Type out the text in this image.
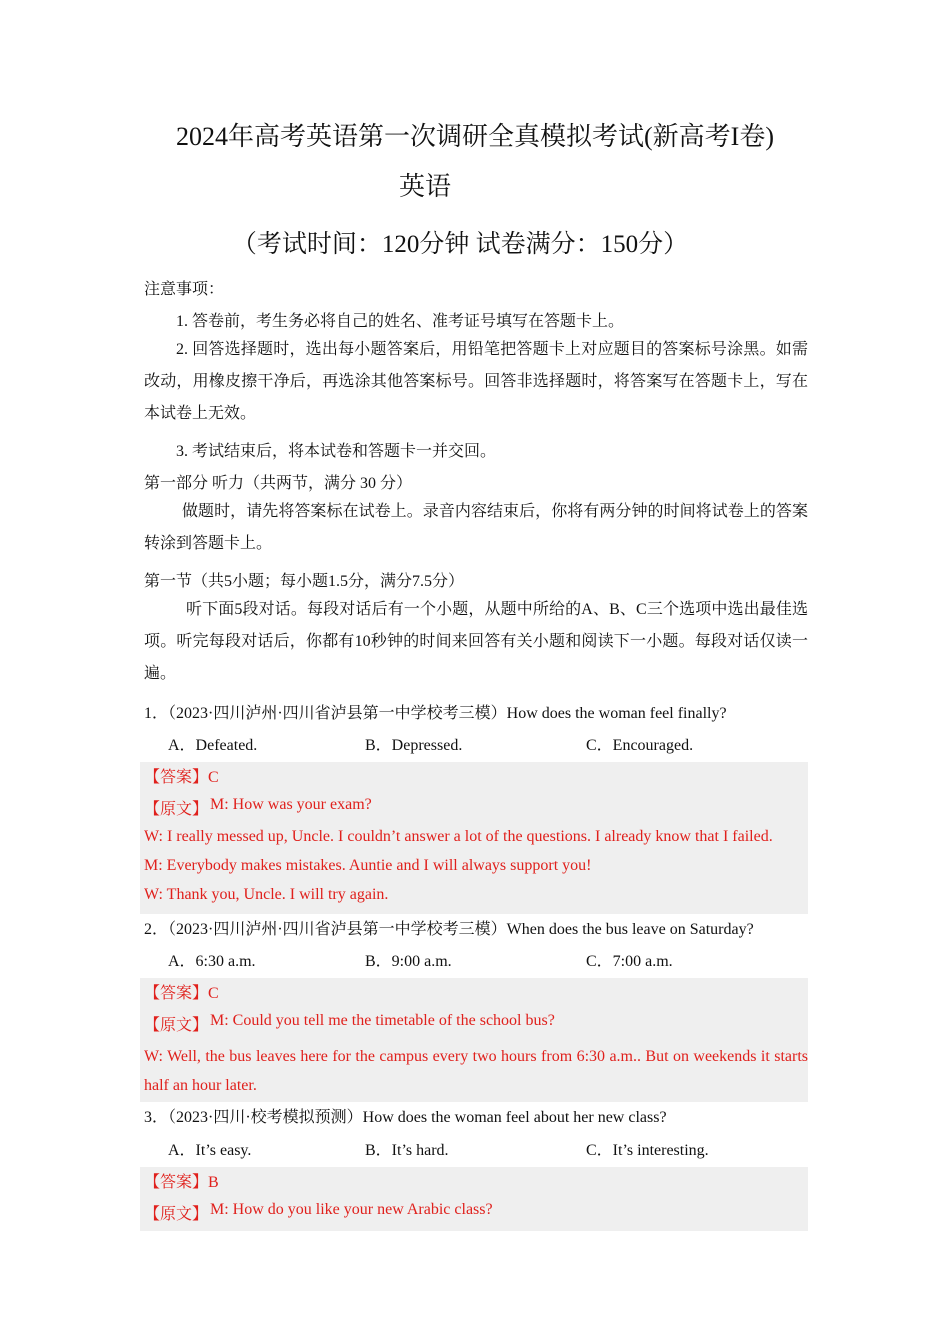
2024年高考英语第一次调研全真模拟考试(新高考I卷)
英语
（考试时间：120分钟 试卷满分：150分）
注意事项：
1. 答卷前，考生务必将自己的姓名、准考证号填写在答题卡上。
2. 回答选择题时，选出每小题答案后，用铅笔把答题卡上对应题目的答案标号涂黑。如需改动，用橡皮擦干净后，再选涂其他答案标号。回答非选择题时，将答案写在答题卡上，写在本试卷上无效。
3. 考试结束后，将本试卷和答题卡一并交回。
第一部分 听力（共两节，满分 30 分）
做题时，请先将答案标在试卷上。录音内容结束后，你将有两分钟的时间将试卷上的答案转涂到答题卡上。
第一节（共5小题；每小题1.5分，满分7.5分）
听下面5段对话。每段对话后有一个小题，从题中所给的A、B、C三个选项中选出最佳选项。听完每段对话后，你都有10秒钟的时间来回答有关小题和阅读下一小题。每段对话仅读一遍。
1．（2023·四川泸州·四川省泸县第一中学校考三模）How does the woman feel finally?
A．Defeated.	B．Depressed.	C．Encouraged.
【答案】C
【原文】 M: How was your exam?
W: I really messed up, Uncle. I couldn’t answer a lot of the questions. I already know that I failed.
M: Everybody makes mistakes. Auntie and I will always support you!
W: Thank you, Uncle. I will try again.
2．（2023·四川泸州·四川省泸县第一中学校考三模）When does the bus leave on Saturday?
A．6:30 a.m.	B．9:00 a.m.	C．7:00 a.m.
【答案】C
【原文】 M: Could you tell me the timetable of the school bus?
W: Well, the bus leaves here for the campus every two hours from 6:30 a.m.. But on weekends it starts half an hour later.
3．（2023·四川·校考模拟预测）How does the woman feel about her new class?
A．It’s easy.	B．It’s hard.	C．It’s interesting.
【答案】B
【原文】 M: How do you like your new Arabic class?
